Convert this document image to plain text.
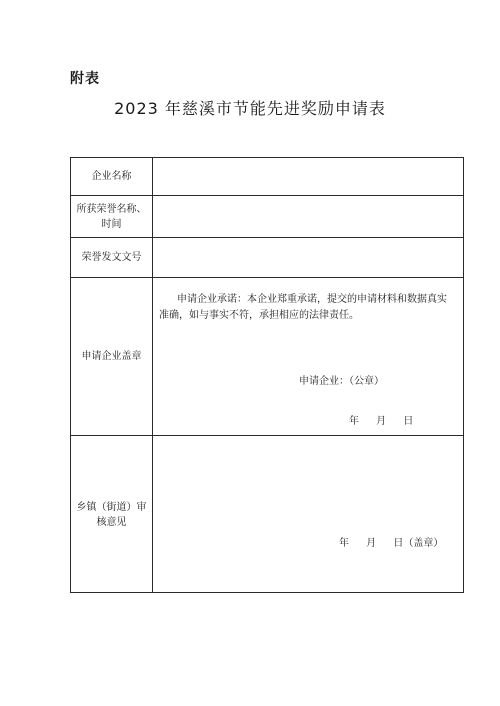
附表
2023 年慈溪市节能先进奖励申请表
企业名称
所获荣誉名称、时间
荣誉发文文号
申请企业盖章
申请企业承诺：本企业郑重承诺，提交的申请材料和数据真实准确，如与事实不符，承担相应的法律责任。
申请企业：（公章）
年 月 日
乡镇（街道）审核意见
年 月 日（盖章）
